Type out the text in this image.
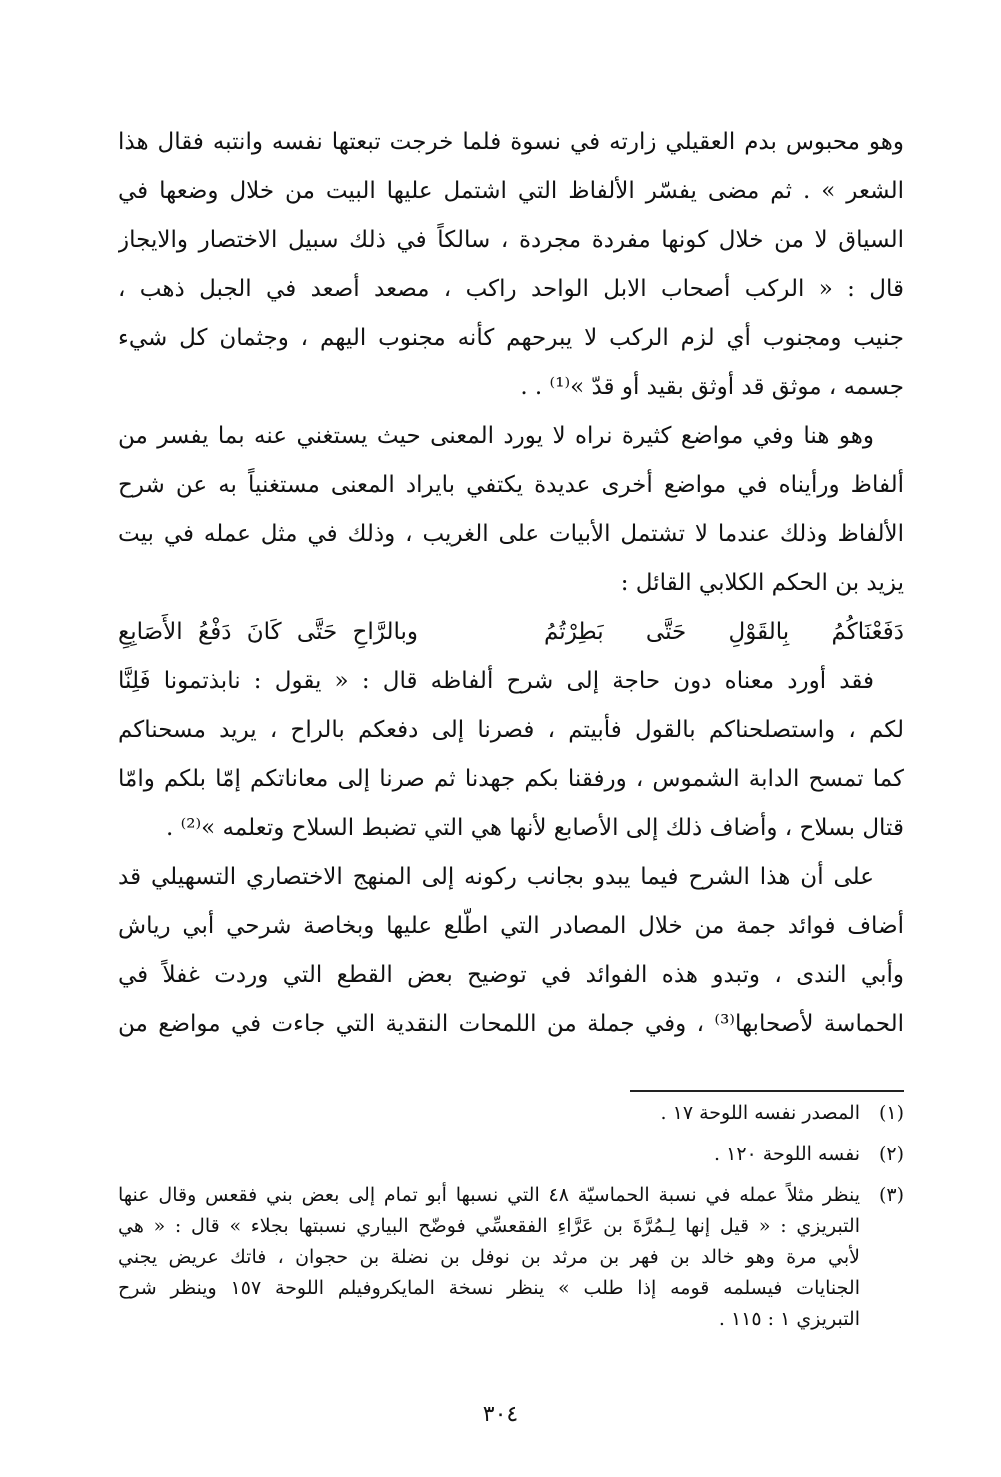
وهو محبوس بدم العقيلي زارته في نسوة فلما خرجت تبعتها نفسه وانتبه فقال هذا
الشعر » . ثم مضى يفسّر الألفاظ التي اشتمل عليها البيت من خلال وضعها في
السياق لا من خلال كونها مفردة مجردة ، سالكاً في ذلك سبيل الاختصار والايجاز
قال : « الركب أصحاب الابل الواحد راكب ، مصعد أصعد في الجبل ذهب ،
جنيب ومجنوب أي لزم الركب لا يبرحهم كأنه مجنوب اليهم ، وجثمان كل شيء
جسمه ، موثق قد أوثق بقيد أو قدّ »⁽¹⁾ . .
وهو هنا وفي مواضع كثيرة نراه لا يورد المعنى حيث يستغني عنه بما يفسر من
ألفاظ ورأيناه في مواضع أخرى عديدة يكتفي بايراد المعنى مستغنياً به عن شرح
الألفاظ وذلك عندما لا تشتمل الأبيات على الغريب ، وذلك في مثل عمله في بيت
يزيد بن الحكم الكلابي القائل :
دَفَعْنَاكُمُ بِالقَوْلِ حَتَّى بَطِرْتُمُ
وبالرَّاحِ حَتَّى كَانَ دَفْعُ الأَصَابِعِ
فقد أورد معناه دون حاجة إلى شرح ألفاظه قال : « يقول : نابذتمونا فَلِنَّا
لكم ، واستصلحناكم بالقول فأبيتم ، فصرنا إلى دفعكم بالراح ، يريد مسحناكم
كما تمسح الدابة الشموس ، ورفقنا بكم جهدنا ثم صرنا إلى معاناتكم إمّا بلكم وامّا
قتال بسلاح ، وأضاف ذلك إلى الأصابع لأنها هي التي تضبط السلاح وتعلمه »⁽²⁾ .
على أن هذا الشرح فيما يبدو بجانب ركونه إلى المنهج الاختصاري التسهيلي قد
أضاف فوائد جمة من خلال المصادر التي اطّلع عليها وبخاصة شرحي أبي رياش
وأبي الندى ، وتبدو هذه الفوائد في توضيح بعض القطع التي وردت غفلاً في
الحماسة لأصحابها⁽³⁾ ، وفي جملة من اللمحات النقدية التي جاءت في مواضع من
(١)
المصدر نفسه اللوحة ١٧ .
(٢)
نفسه اللوحة ١٢٠ .
(٣)
ينظر مثلاً عمله في نسبة الحماسيّة ٤٨ التي نسبها أبو تمام إلى بعض بني فقعس وقال عنها
التبريزي : « قيل إنها لِـمُرَّةَ بن عَرَّاءِ الفقعسِّي فوضّح البياري نسبتها بجلاء » قال : « هي
لأبي مرة وهو خالد بن فهر بن مرثد بن نوفل بن نضلة بن حجوان ، فاتك عريض يجني
الجنايات فيسلمه قومه إذا طلب » ينظر نسخة المايكروفيلم اللوحة ١٥٧ وينظر شرح
التبريزي ١ : ١١٥ .
٣٠٤
